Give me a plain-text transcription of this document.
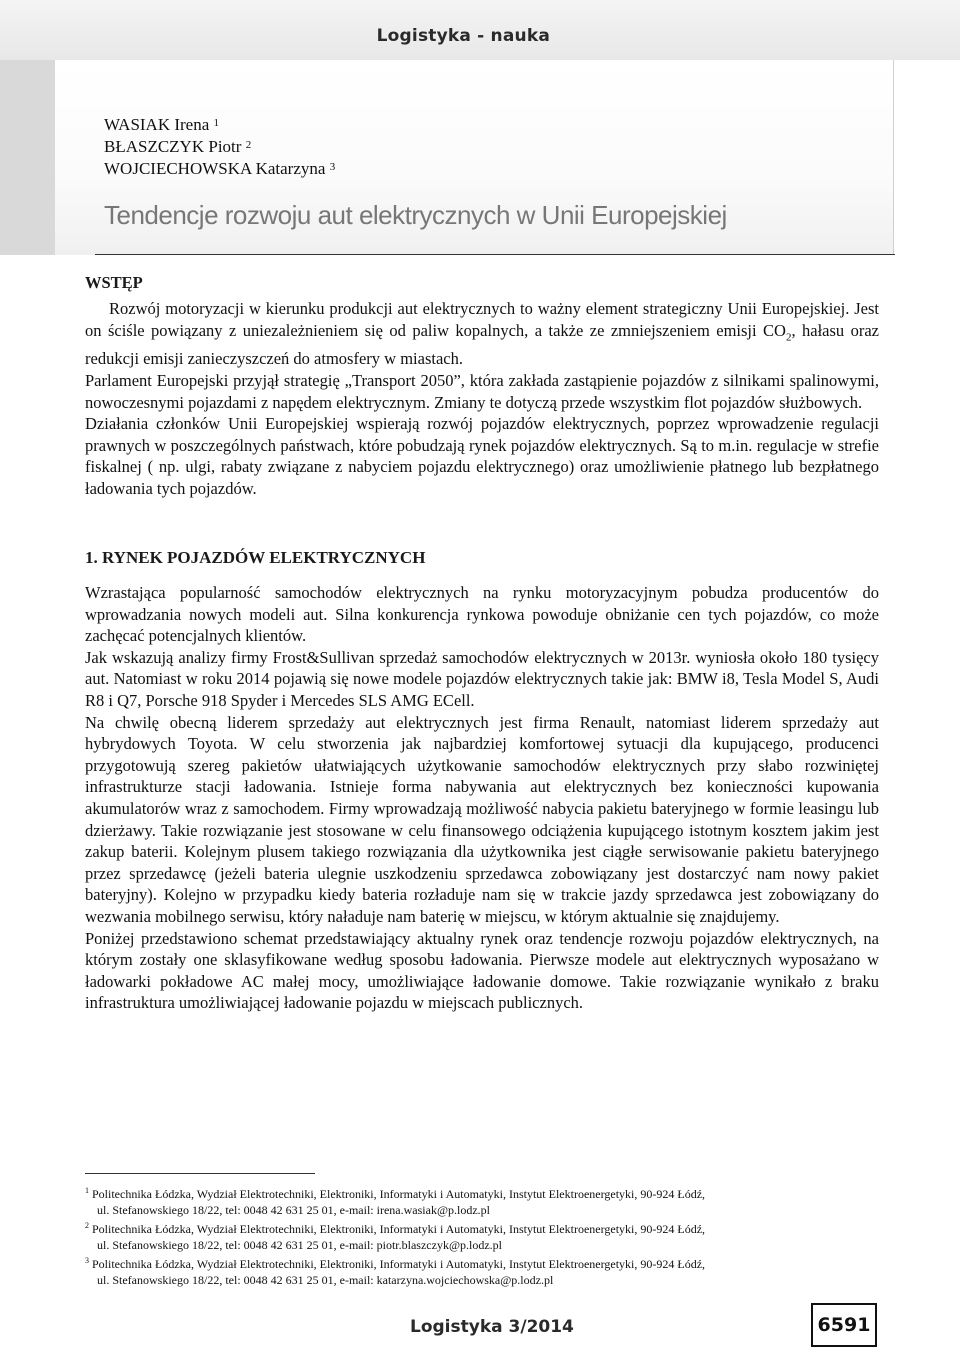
Logistyka - nauka
WASIAK Irena $^1$
BŁASZCZYK Piotr $^2$
WOJCIECHOWSKA Katarzyna $^3$
Tendencje rozwoju aut elektrycznych w Unii Europejskiej
WSTĘP

Rozwój motoryzacji w kierunku produkcji aut elektrycznych to ważny element strategiczny Unii Europejskiej. Jest on ściśle powiązany z uniezależnieniem się od paliw kopalnych, a także ze zmniejszeniem emisji $CO_2$, hałasu oraz redukcji emisji zanieczyszczeń do atmosfery w miastach.

Parlament Europejski przyjął strategię „Transport 2050”, która zakłada zastąpienie pojazdów z silnikami spalinowymi, nowoczesnymi pojazdami z napędem elektrycznym. Zmiany te dotyczą przede wszystkim flot pojazdów służbowych.

Działania członków Unii Europejskiej wspierają rozwój pojazdów elektrycznych, poprzez wprowadzenie regulacji prawnych w poszczególnych państwach, które pobudzają rynek pojazdów elektrycznych. Są to m.in. regulacje w strefie fiskalnej ( np. ulgi, rabaty związane z nabyciem pojazdu elektrycznego) oraz umożliwienie płatnego lub bezpłatnego ładowania tych pojazdów.

1. RYNEK POJAZDÓW ELEKTRYCZNYCH

Wzrastająca popularność samochodów elektrycznych na rynku motoryzacyjnym pobudza producentów do wprowadzania nowych modeli aut. Silna konkurencja rynkowa powoduje obniżanie cen tych pojazdów, co może zachęcać potencjalnych klientów.

Jak wskazują analizy firmy Frost&Sullivan sprzedaż samochodów elektrycznych w 2013r. wyniosła około 180 tysięcy aut. Natomiast w roku 2014 pojawią się nowe modele pojazdów elektrycznych takie jak: BMW i8, Tesla Model S, Audi R8 i Q7, Porsche 918 Spyder i Mercedes SLS AMG ECell.

Na chwilę obecną liderem sprzedaży aut elektrycznych jest firma Renault, natomiast liderem sprzedaży aut hybrydowych Toyota. W celu stworzenia jak najbardziej komfortowej sytuacji dla kupującego, producenci przygotowują szereg pakietów ułatwiających użytkowanie samochodów elektrycznych przy słabo rozwiniętej infrastrukturze stacji ładowania. Istnieje forma nabywania aut elektrycznych bez konieczności kupowania akumulatorów wraz z samochodem. Firmy wprowadzają możliwość nabycia pakietu bateryjnego w formie leasingu lub dzierżawy. Takie rozwiązanie jest stosowane w celu finansowego odciążenia kupującego istotnym kosztem jakim jest zakup baterii. Kolejnym plusem takiego rozwiązania dla użytkownika jest ciągłe serwisowanie pakietu bateryjnego przez sprzedawcę (jeżeli bateria ulegnie uszkodzeniu sprzedawca zobowiązany jest dostarczyć nam nowy pakiet bateryjny). Kolejno w przypadku kiedy bateria rozładuje nam się w trakcie jazdy sprzedawca jest zobowiązany do wezwania mobilnego serwisu, który naładuje nam baterię w miejscu, w którym aktualnie się znajdujemy.

Poniżej przedstawiono schemat przedstawiający aktualny rynek oraz tendencje rozwoju pojazdów elektrycznych, na którym zostały one sklasyfikowane według sposobu ładowania. Pierwsze modele aut elektrycznych wyposażano w ładowarki pokładowe AC małej mocy, umożliwiające ładowanie domowe. Takie rozwiązanie wynikało z braku infrastruktura umożliwiającej ładowanie pojazdu w miejscach publicznych.

$^1$ Politechnika Łódzka, Wydział Elektrotechniki, Elektroniki, Informatyki i Automatyki, Instytut Elektroenergetyki, 90-924 Łódź,

ul. Stefanowskiego 18/22, tel: 0048 42 631 25 01, e-mail: irena.wasiak@p.lodz.pl

$^2$ Politechnika Łódzka, Wydział Elektrotechniki, Elektroniki, Informatyki i Automatyki, Instytut Elektroenergetyki, 90-924 Łódź,

ul. Stefanowskiego 18/22, tel: 0048 42 631 25 01, e-mail: piotr.blaszczyk@p.lodz.pl

$^3$ Politechnika Łódzka, Wydział Elektrotechniki, Elektroniki, Informatyki i Automatyki, Instytut Elektroenergetyki, 90-924 Łódź,

ul. Stefanowskiego 18/22, tel: 0048 42 631 25 01, e-mail: katarzyna.wojciechowska@p.lodz.pl

Logistyka 3/2014	6591
